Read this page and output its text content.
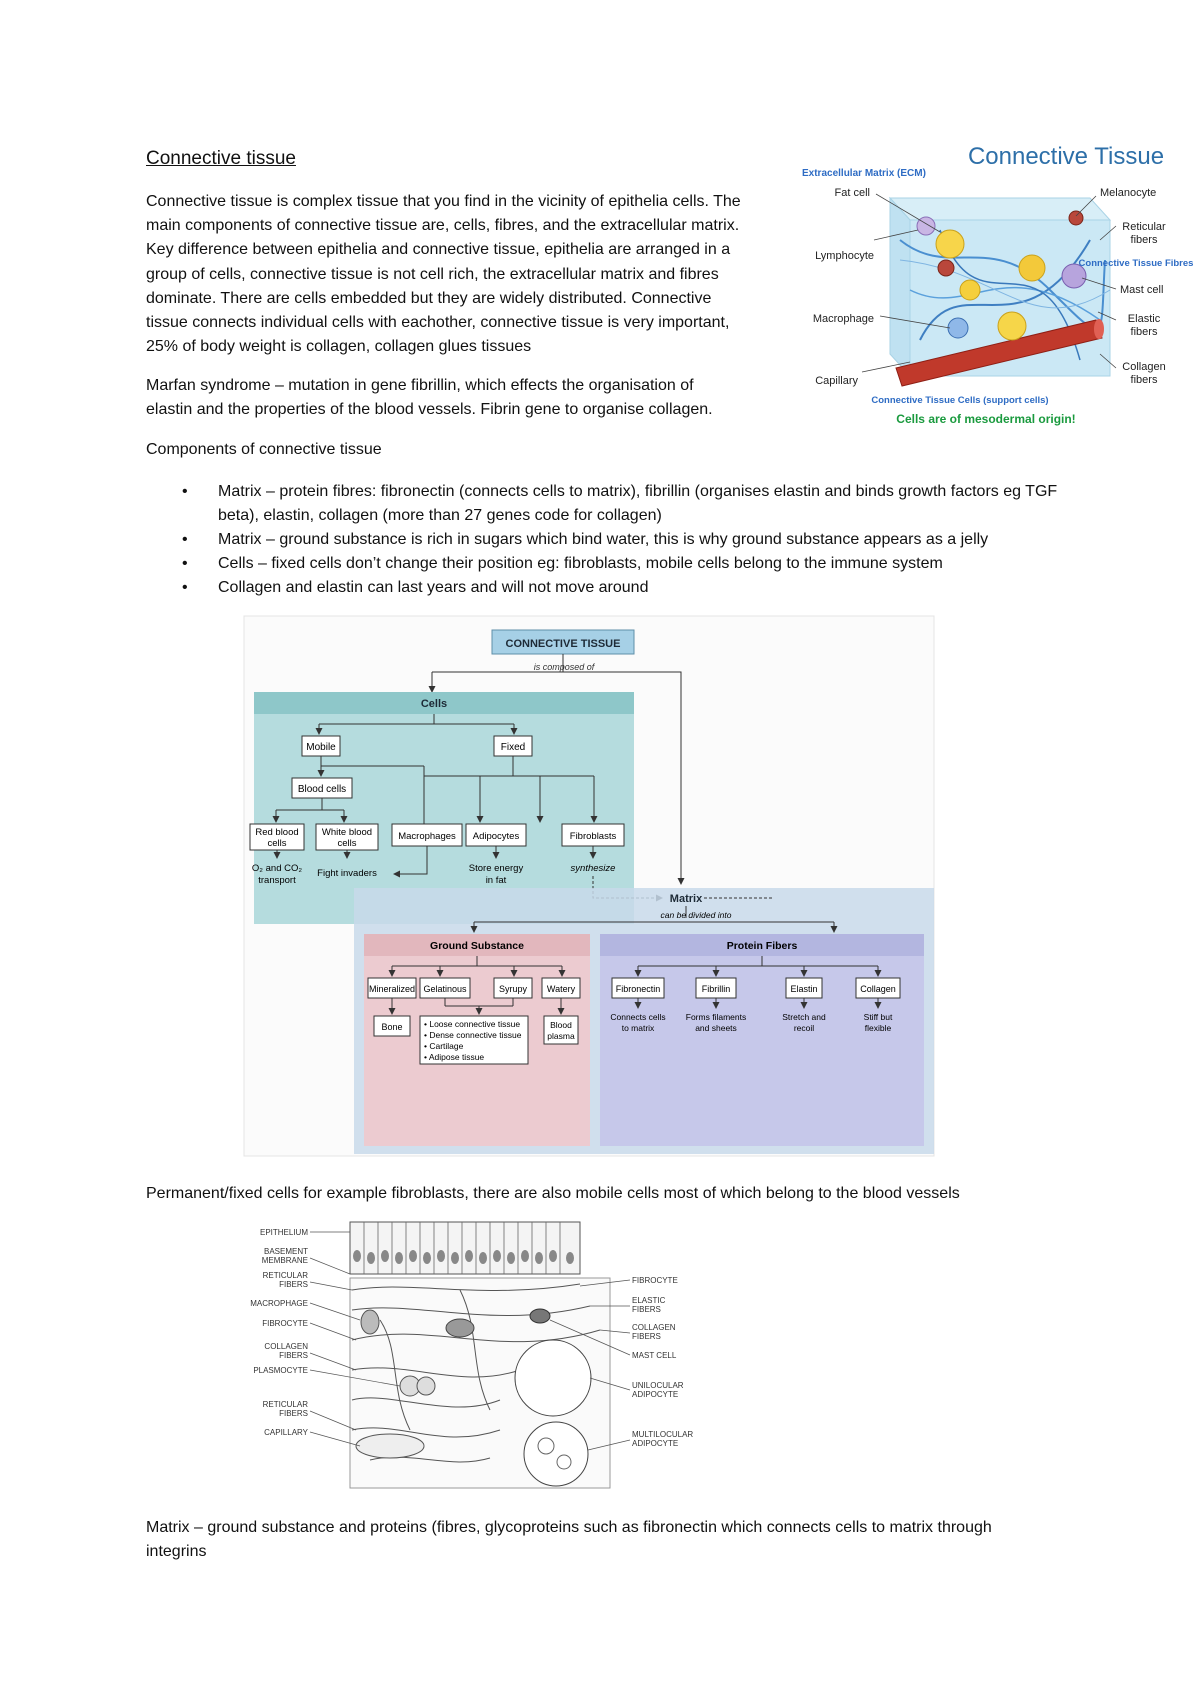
Connective tissue
Connective tissue is complex tissue that you find in the vicinity of epithelia cells. The
main components of connective tissue are, cells, fibres, and the extracellular matrix.
Key difference between epithelia and connective tissue, epithelia are arranged in a
group of cells, connective tissue is not cell rich, the extracellular matrix and fibres
dominate. There are cells embedded but they are widely distributed. Connective
tissue connects individual cells with eachother, connective tissue is very important,
25% of body weight is collagen, collagen glues tissues
Marfan syndrome – mutation in gene fibrillin, which effects the organisation of
elastin and the properties of the blood vessels. Fibrin gene to organise collagen.
Components of connective tissue
• Matrix – protein fibres: fibronectin (connects cells to matrix), fibrillin (organises elastin and binds growth factors eg TGF beta), elastin, collagen (more than 27 genes code for collagen)
• Matrix – ground substance is rich in sugars which bind water, this is why ground substance appears as a jelly
• Cells – fixed cells don’t change their position eg: fibroblasts, mobile cells belong to the immune system
• Collagen and elastin can last years and will not move around
Connective Tissue
Extracellular Matrix (ECM)
Fat cell
Lymphocyte
Macrophage
Capillary
Melanocyte
Reticular
fibers
Connective Tissue Fibres
Mast cell
Elastic
fibers
Collagen
fibers
Connective Tissue Cells (support cells)
Cells are of mesodermal origin!
CONNECTIVE TISSUE
is composed of
Cells
Mobile	Fixed
Blood cells
Red blood
cells
White blood
cells
Macrophages Adipocytes	Fibroblasts
O₂ and CO₂
transport
Fight invaders	Store energy
in fat
synthesize
Matrix
can be divided into
Ground Substance	Protein Fibers
Mineralized Gelatinous	Syrupy Watery
Bone	• Loose connective tissue
• Dense connective tissue
• Cartilage
• Adipose tissue
Blood
plasma
Fibronectin	Fibrillin	Elastin	Collagen
Connects cells
to matrix
Forms filaments
and sheets
Stretch and
recoil
Stiff but
flexible
Permanent/fixed cells for example fibroblasts, there are also mobile cells most of which belong to the blood vessels
EPITHELIUM
BASEMENT
MEMBRANE
RETICULAR
FIBERS
MACROPHAGE
FIBROCYTE
COLLAGEN
FIBERS
PLASMOCYTE
RETICULAR
FIBERS
CAPILLARY
FIBROCYTE
ELASTIC
FIBERS
COLLAGEN
FIBERS
MAST CELL
UNILOCULAR
ADIPOCYTE
MULTILOCULAR
ADIPOCYTE
Matrix – ground substance and proteins (fibres, glycoproteins such as fibronectin which connects cells to matrix through
integrins
